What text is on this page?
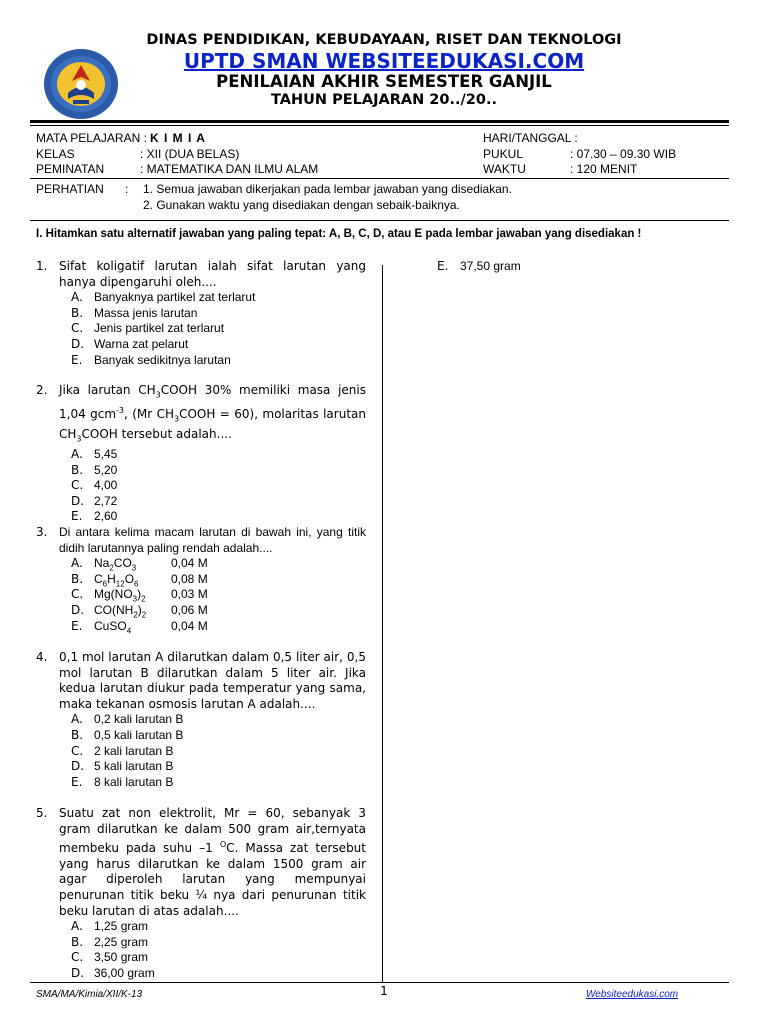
DINAS PENDIDIKAN, KEBUDAYAAN, RISET DAN TEKNOLOGI
UPTD SMAN WEBSITEEDUKASI.COM
PENILAIAN AKHIR SEMESTER GANJIL
TAHUN PELAJARAN 20../20..
MATA PELAJARAN : K I M I A
KELAS	: XII (DUA BELAS)
PEMINATAN	: MATEMATIKA DAN ILMU ALAM
HARI/TANGGAL :
PUKUL	: 07.30 – 09.30 WIB
WAKTU	: 120 MENIT
PERHATIAN : 1. Semua jawaban dikerjakan pada lembar jawaban yang disediakan.
2. Gunakan waktu yang disediakan dengan sebaik-baiknya.
I. Hitamkan satu alternatif jawaban yang paling tepat: A, B, C, D, atau E pada lembar jawaban yang disediakan !
1. Sifat koligatif larutan ialah sifat larutan yang hanya dipengaruhi oleh....
A. Banyaknya partikel zat terlarut
B. Massa jenis larutan
C. Jenis partikel zat terlarut
D. Warna zat pelarut
E. Banyak sedikitnya larutan
2. Jika larutan $CH_3COOH$ 30% memiliki masa jenis 1,04 gcm$^{-3}$, (Mr $CH_3COOH = 60$), molaritas larutan $CH_3COOH$ tersebut adalah....
A. 5,45
B. 5,20
C. 4,00
D. 2,72
E. 2,60
3. Di antara kelima macam larutan di bawah ini, yang titik didih larutannya paling rendah adalah....
A. $Na_2CO_3$	0,04 M
B. $C_6H_{12}O_6$	0,08 M
C. $Mg(NO_3)_2$ 0,03 M
D. $CO(NH_2)_2$ 0,06 M
E. CuSO$_4$	0,04 M
4. 0,1 mol larutan A dilarutkan dalam 0,5 liter air, 0,5 mol larutan B dilarutkan dalam 5 liter air. Jika kedua larutan diukur pada temperatur yang sama, maka tekanan osmosis larutan A adalah....
A. 0,2 kali larutan B
B. 0,5 kali larutan B
C. 2 kali larutan B
D. 5 kali larutan B
E. 8 kali larutan B
5. Suatu zat non elektrolit, Mr = 60, sebanyak 3 gram dilarutkan ke dalam 500 gram air,ternyata membeku pada suhu –1 $^O$C. Massa zat tersebut yang harus dilarutkan ke dalam 1500 gram air agar diperoleh larutan yang mempunyai penurunan titik beku ¼ nya dari penurunan titik beku larutan di atas adalah....
A. 1,25 gram
B. 2,25 gram
C. 3,50 gram
D. 36,00 gram
E. 37,50 gram
SMA/MA/Kimia/XII/K-13	1	Websiteedukasi.com
